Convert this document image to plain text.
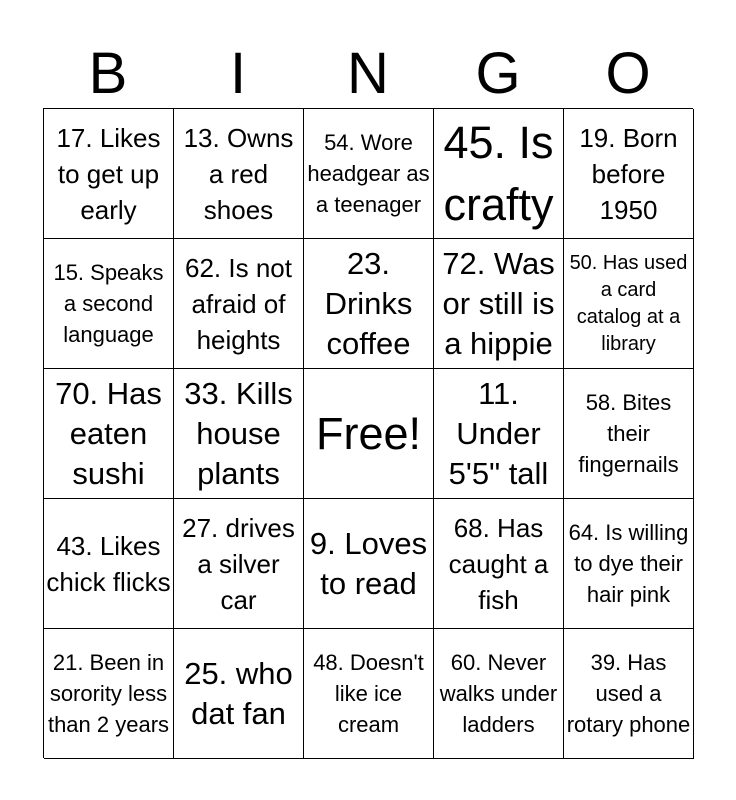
B	I	N	G	O
17. Likes to get up early
13. Owns a red shoes
54. Wore headgear as a teenager
45. Is crafty
19. Born before 1950
15. Speaks a second language
62. Is not afraid of heights
23. Drinks coffee
72. Was or still is a hippie
50. Has used a card catalog at a library
70. Has eaten sushi
33. Kills house plants
Free!
11. Under 5'5" tall
58. Bites their fingernails
43. Likes chick flicks
27. drives a silver car
9. Loves to read
68. Has caught a fish
64. Is willing to dye their hair pink
21. Been in sorority less than 2 years
25. who dat fan
48. Doesn't like ice cream
60. Never walks under ladders
39. Has used a rotary phone
